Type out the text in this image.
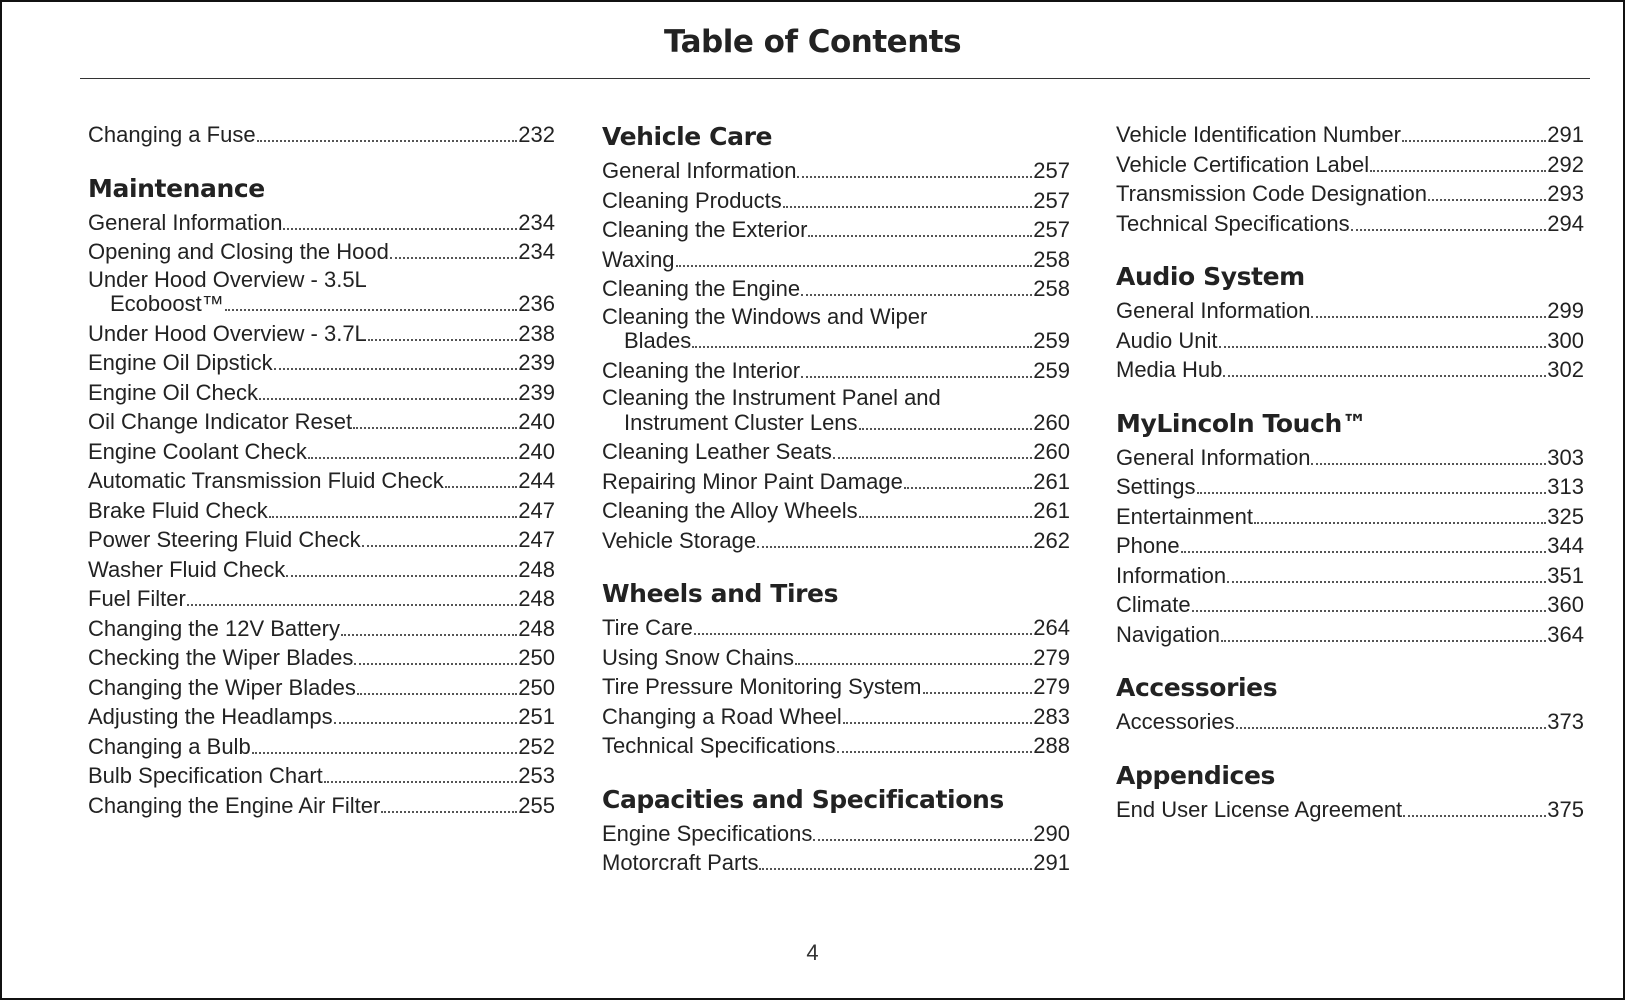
Table of Contents
Changing a Fuse	232
Maintenance
General Information	234
Opening and Closing the Hood	234
Under Hood Overview - 3.5L
Ecoboost™	236
Under Hood Overview - 3.7L	238
Engine Oil Dipstick	239
Engine Oil Check	239
Oil Change Indicator Reset	240
Engine Coolant Check	240
Automatic Transmission Fluid Check	244
Brake Fluid Check	247
Power Steering Fluid Check	247
Washer Fluid Check	248
Fuel Filter	248
Changing the 12V Battery	248
Checking the Wiper Blades	250
Changing the Wiper Blades	250
Adjusting the Headlamps	251
Changing a Bulb	252
Bulb Specification Chart	253
Changing the Engine Air Filter	255
Vehicle Care
General Information	257
Cleaning Products	257
Cleaning the Exterior	257
Waxing	258
Cleaning the Engine	258
Cleaning the Windows and Wiper
Blades	259
Cleaning the Interior	259
Cleaning the Instrument Panel and
Instrument Cluster Lens	260
Cleaning Leather Seats	260
Repairing Minor Paint Damage	261
Cleaning the Alloy Wheels	261
Vehicle Storage	262
Wheels and Tires
Tire Care	264
Using Snow Chains	279
Tire Pressure Monitoring System	279
Changing a Road Wheel	283
Technical Specifications	288
Capacities and Specifications
Engine Specifications	290
Motorcraft Parts	291
Vehicle Identification Number	291
Vehicle Certification Label	292
Transmission Code Designation	293
Technical Specifications	294
Audio System
General Information	299
Audio Unit	300
Media Hub	302
MyLincoln Touch™
General Information	303
Settings	313
Entertainment	325
Phone	344
Information	351
Climate	360
Navigation	364
Accessories
Accessories	373
Appendices
End User License Agreement	375
4
